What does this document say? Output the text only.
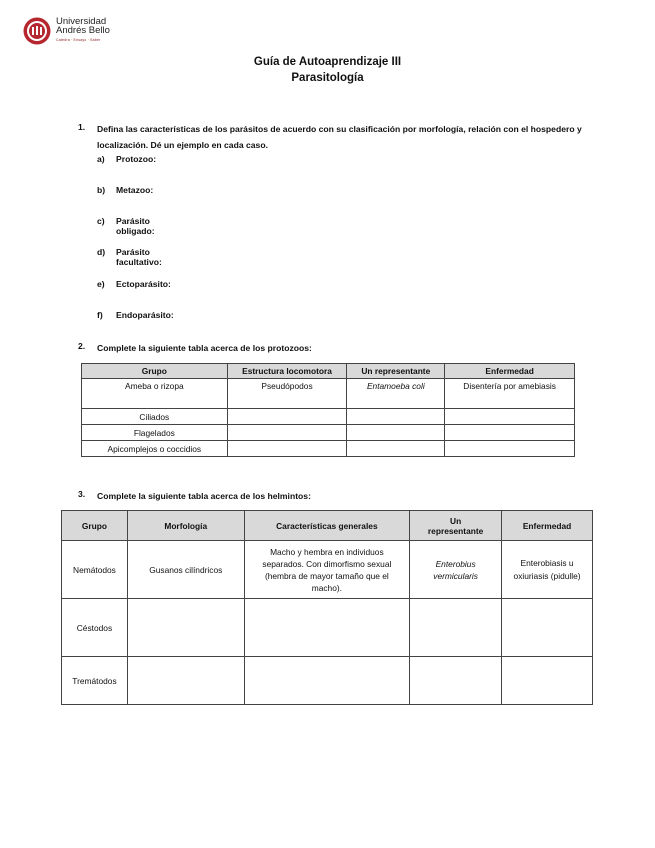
Universidad
Andrés Bello
Catedra · Ensayo · Saber
Guía de Autoaprendizaje III
Parasitología
1. Defina las características de los parásitos de acuerdo con su clasificación por morfología, relación con el hospedero y localización. Dé un ejemplo en cada caso.
a) Protozoo:
b) Metazoo:
c) Parásito obligado:
d) Parásito facultativo:
e) Ectoparásito:
f) Endoparásito:
2. Complete la siguiente tabla acerca de los protozoos:
Grupo	Estructura locomotora	Un representante	Enfermedad
Ameba o rizopa	Pseudópodos	Entamoeba coli	Disentería por amebiasis
Ciliados			
Flagelados			
Apicomplejos o coccidios			
3. Complete la siguiente tabla acerca de los helmintos:
Grupo	Morfología	Características generales	Un representante	Enfermedad
Nemátodos	Gusanos cilíndricos	Macho y hembra en individuos separados. Con dimorfismo sexual (hembra de mayor tamaño que el macho).	Enterobius vermicularis	Enterobiasis u oxiuriasis (pidulle)
Céstodos				
Tremátodos				
